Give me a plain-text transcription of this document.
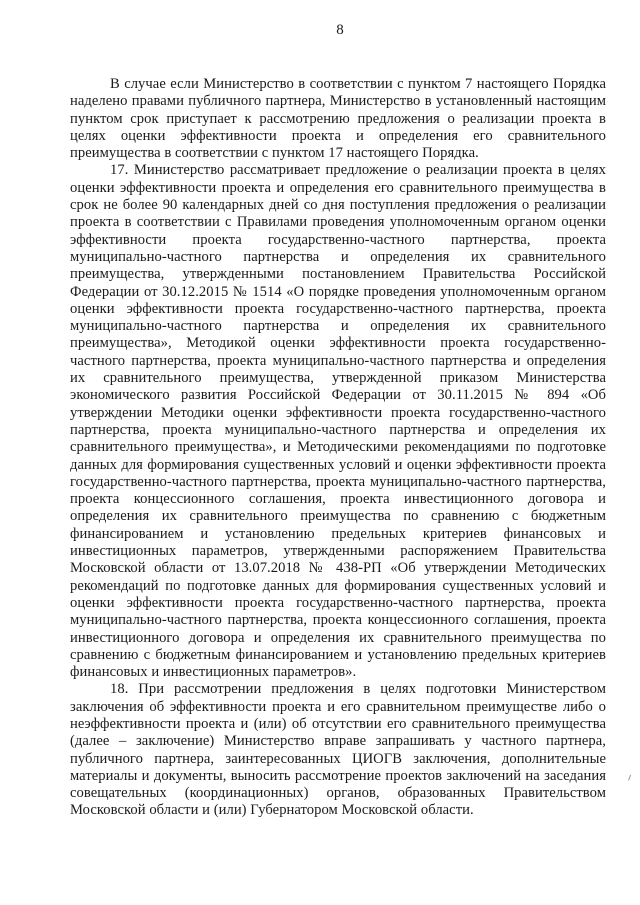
8

В случае если Министерство в соответствии с пунктом 7 настоящего Порядка наделено правами публичного партнера, Министерство в установленный настоящим пунктом срок приступает к рассмотрению предложения о реализации проекта в целях оценки эффективности проекта и определения его сравнительного преимущества в соответствии с пунктом 17 настоящего Порядка.

17. Министерство рассматривает предложение о реализации проекта в целях оценки эффективности проекта и определения его сравнительного преимущества в срок не более 90 календарных дней со дня поступления предложения о реализации проекта в соответствии с Правилами проведения уполномоченным органом оценки эффективности проекта государственно-частного партнерства, проекта муниципально-частного партнерства и определения их сравнительного преимущества, утвержденными постановлением Правительства Российской Федерации от 30.12.2015 № 1514 «О порядке проведения уполномоченным органом оценки эффективности проекта государственно-частного партнерства, проекта муниципально-частного партнерства и определения их сравнительного преимущества», Методикой оценки эффективности проекта государственно-частного партнерства, проекта муниципально-частного партнерства и определения их сравнительного преимущества, утвержденной приказом Министерства экономического развития Российской Федерации от 30.11.2015 № 894 «Об утверждении Методики оценки эффективности проекта государственно-частного партнерства, проекта муниципально-частного партнерства и определения их сравнительного преимущества», и Методическими рекомендациями по подготовке данных для формирования существенных условий и оценки эффективности проекта государственно-частного партнерства, проекта муниципально-частного партнерства, проекта концессионного соглашения, проекта инвестиционного договора и определения их сравнительного преимущества по сравнению с бюджетным финансированием и установлению предельных критериев финансовых и инвестиционных параметров, утвержденными распоряжением Правительства Московской области от 13.07.2018 № 438-РП «Об утверждении Методических рекомендаций по подготовке данных для формирования существенных условий и оценки эффективности проекта государственно-частного партнерства, проекта муниципально-частного партнерства, проекта концессионного соглашения, проекта инвестиционного договора и определения их сравнительного преимущества по сравнению с бюджетным финансированием и установлению предельных критериев финансовых и инвестиционных параметров».

18. При рассмотрении предложения в целях подготовки Министерством заключения об эффективности проекта и его сравнительном преимуществе либо о неэффективности проекта и (или) об отсутствии его сравнительного преимущества (далее – заключение) Министерство вправе запрашивать у частного партнера, публичного партнера, заинтересованных ЦИОГВ заключения, дополнительные материалы и документы, выносить рассмотрение проектов заключений на заседания совещательных (координационных) органов, образованных Правительством Московской области и (или) Губернатором Московской области.
